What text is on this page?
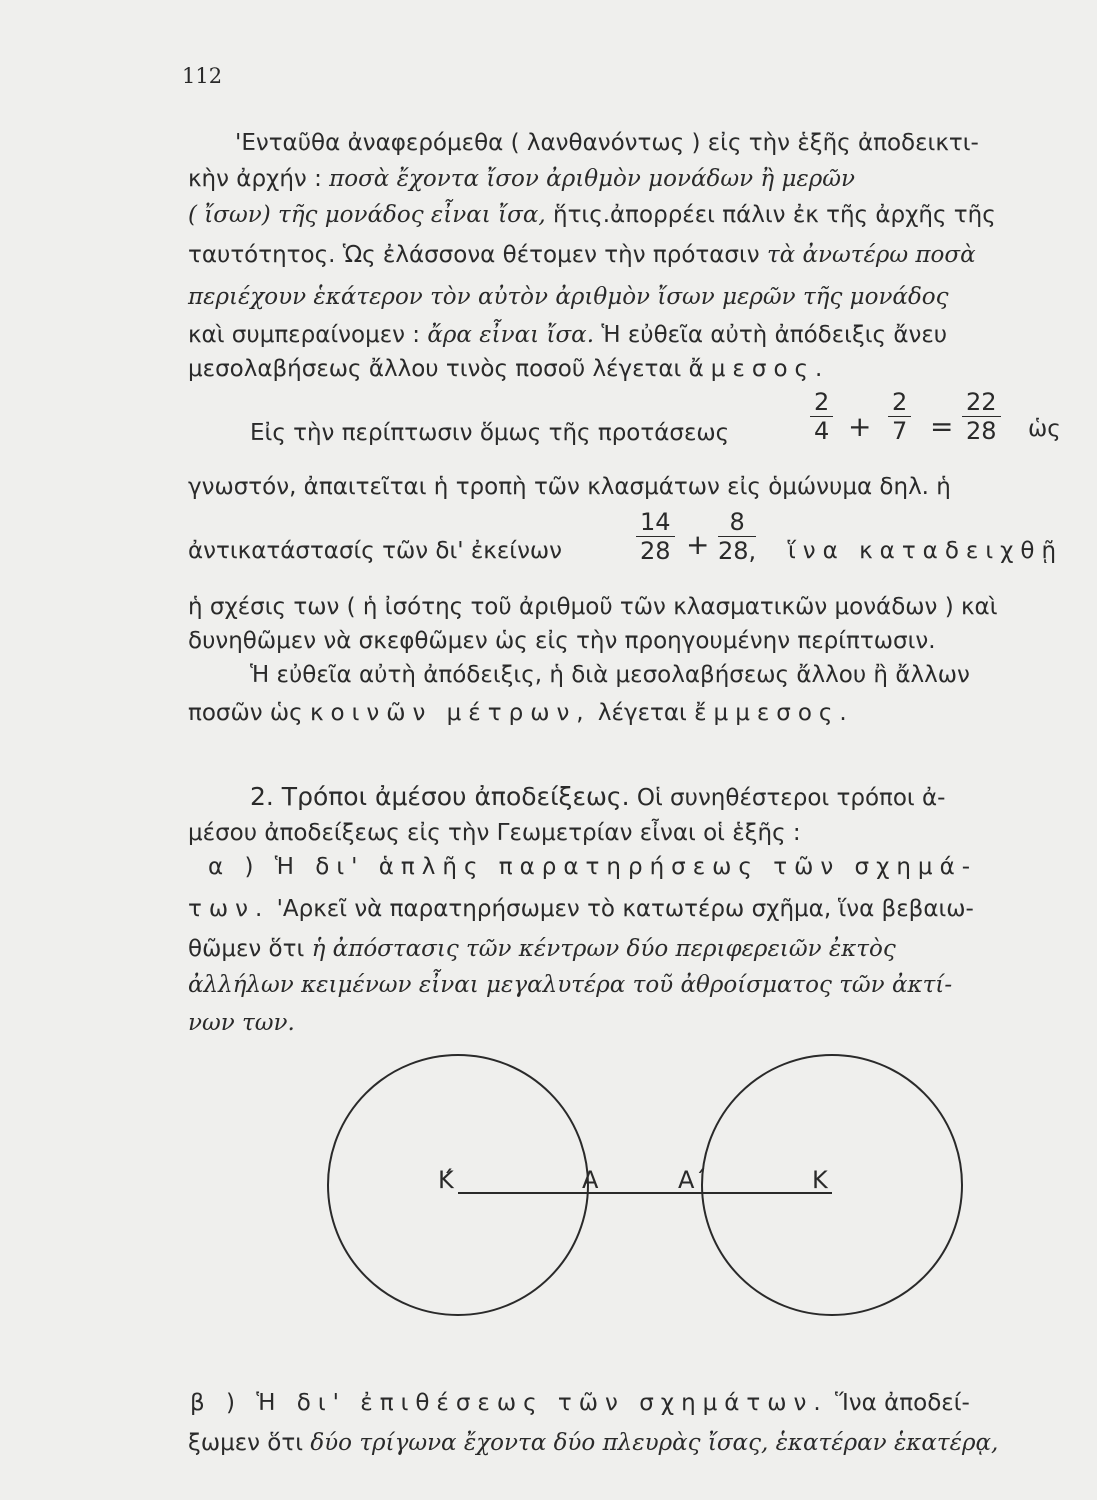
112
'Ενταῦθα ἀναφερόμεθα ( λανθανόντως ) εἰς τὴν ἑξῆς ἀποδεικτι-
κὴν ἀρχήν : ποσὰ ἔχοντα ἴσον ἀριθμὸν μονάδων ἢ μερῶν
( ἴσων) τῆς μονάδος εἶναι ἴσα, ἥτις.ἀπορρέει πάλιν ἐκ τῆς ἀρχῆς τῆς
ταυτότητος. Ὡς ἐλάσσονα θέτομεν τὴν πρότασιν τὰ ἀνωτέρω ποσὰ
περιέχουν ἑκάτερον τὸν αὐτὸν ἀριθμὸν ἴσων μερῶν τῆς μονάδος
καὶ συμπεραίνομεν : ἄρα εἶναι ἴσα. Ἡ εὐθεῖα αὐτὴ ἀπόδειξις ἄνευ
μεσολαβήσεως ἄλλου τινὸς ποσοῦ λέγεται ἄμεσος.
Εἰς τὴν περίπτωσιν ὅμως τῆς προτάσεως	$\frac{2}{4} + \frac{2}{7} = \frac{22}{28}$ ὡς
γνωστόν, ἀπαιτεῖται ἡ τροπὴ τῶν κλασμάτων εἰς ὁμώνυμα δηλ. ἡ
ἀντικατάστασίς τῶν δι' ἐκείνων	$\frac{14}{28} + \frac{8}{28,}$ ἵνα καταδειχθῇ
ἡ σχέσις των ( ἡ ἰσότης τοῦ ἀριθμοῦ τῶν κλασματικῶν μονάδων ) καὶ
δυνηθῶμεν νὰ σκεφθῶμεν ὡς εἰς τὴν προηγουμένην περίπτωσιν.
Ἡ εὐθεῖα αὐτὴ ἀπόδειξις, ἡ διὰ μεσολαβήσεως ἄλλου ἢ ἄλλων
ποσῶν ὡς κοινῶν μέτρων, λέγεται ἔμμεσος.
2. Τρόποι ἀμέσου ἀποδείξεως. Οἱ συνηθέστεροι τρόποι ἀ-
μέσου ἀποδείξεως εἰς τὴν Γεωμετρίαν εἶναι οἱ ἑξῆς :
α ) Ἡ δι' ἁπλῆς παρατηρήσεως τῶν σχημά-
των. 'Αρκεῖ νὰ παρατηρήσωμεν τὸ κατωτέρω σχῆμα, ἵνα βεβαιω-
θῶμεν ὅτι ἡ ἀπόστασις τῶν κέντρων δύο περιφερειῶν ἐκτὸς
ἀλλήλων κειμένων εἶναι μεγαλυτέρα τοῦ ἀθροίσματος τῶν ἀκτί-
νων των.
Κ́	Α	Α΄	Κ
β ) Ἡ δι' ἐπιθέσεως τῶν σχημάτων. Ἵνα ἀποδεί-
ξωμεν ὅτι δύο τρίγωνα ἔχοντα δύο πλευρὰς ἴσας, ἑκατέραν ἑκατέρᾳ,
